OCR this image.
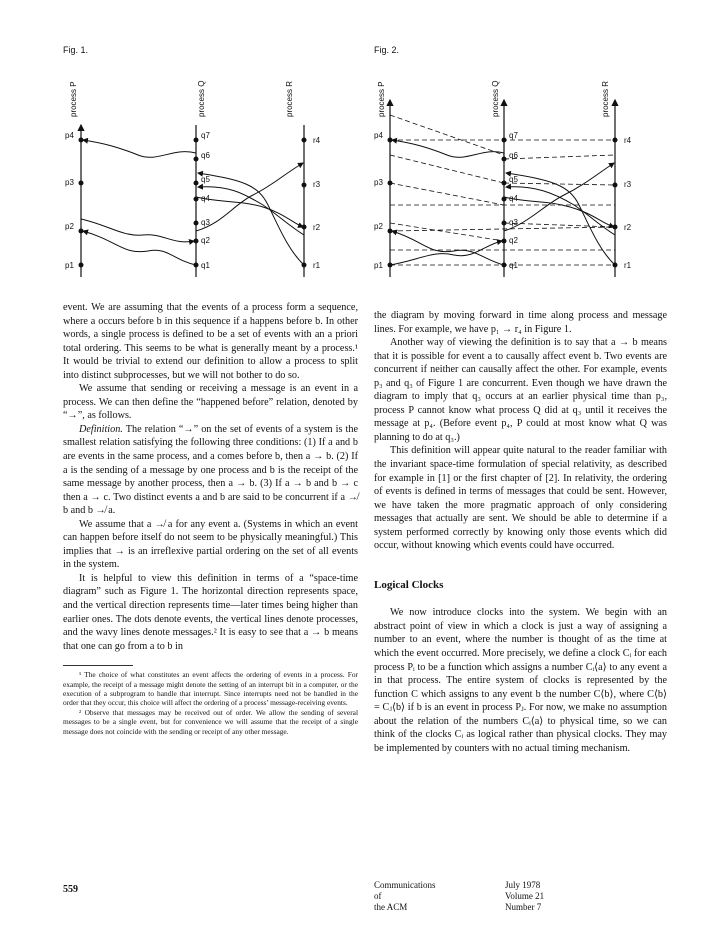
Fig. 1.
process P	process Q	process R
p4
p3
p2
p1
q7
q6
q5
q4
q3
q2
q1
r4
r3
r2
r1
Fig. 2.
process P	process Q	process R
p4
p3
p2
p1
q7
q6
q5
q4
q3
q2
q1
r4
r3
r2
r1

event. We are assuming that the events of a process form a sequence, where a occurs before b in this sequence if a happens before b. In other words, a single process is defined to be a set of events with an a priori total ordering. This seems to be what is generally meant by a process.¹ It would be trivial to extend our definition to allow a process to split into distinct subprocesses, but we will not bother to do so.

We assume that sending or receiving a message is an event in a process. We can then define the “happened before” relation, denoted by “→”, as follows.

Definition. The relation “→” on the set of events of a system is the smallest relation satisfying the following three conditions: (1) If a and b are events in the same process, and a comes before b, then a → b. (2) If a is the sending of a message by one process and b is the receipt of the same message by another process, then a → b. (3) If a → b and b → c then a → c. Two distinct events a and b are said to be concurrent if a ↛ b and b ↛ a.

We assume that a ↛ a for any event a. (Systems in which an event can happen before itself do not seem to be physically meaningful.) This implies that → is an irreflexive partial ordering on the set of all events in the system.

It is helpful to view this definition in terms of a “space-time diagram” such as Figure 1. The horizontal direction represents space, and the vertical direction represents time—later times being higher than earlier ones. The dots denote events, the vertical lines denote processes, and the wavy lines denote messages.² It is easy to see that a → b means that one can go from a to b in

¹ The choice of what constitutes an event affects the ordering of events in a process. For example, the receipt of a message might denote the setting of an interrupt bit in a computer, or the execution of a subprogram to handle that interrupt. Since interrupts need not be handled in the order that they occur, this choice will affect the ordering of a process’ message-receiving events.

² Observe that messages may be received out of order. We allow the sending of several messages to be a single event, but for convenience we will assume that the receipt of a single message does not coincide with the sending or receipt of any other message.

the diagram by moving forward in time along process and message lines. For example, we have p₁ → r₄ in Figure 1.

Another way of viewing the definition is to say that a → b means that it is possible for event a to causally affect event b. Two events are concurrent if neither can causally affect the other. For example, events p₃ and q₃ of Figure 1 are concurrent. Even though we have drawn the diagram to imply that q₃ occurs at an earlier physical time than p₃, process P cannot know what process Q did at q₃ until it receives the message at p₄. (Before event p₄, P could at most know what Q was planning to do at q₃.)

This definition will appear quite natural to the reader familiar with the invariant space-time formulation of special relativity, as described for example in [1] or the first chapter of [2]. In relativity, the ordering of events is defined in terms of messages that could be sent. However, we have taken the more pragmatic approach of only considering messages that actually are sent. We should be able to determine if a system performed correctly by knowing only those events which did occur, without knowing which events could have occurred.

Logical Clocks

We now introduce clocks into the system. We begin with an abstract point of view in which a clock is just a way of assigning a number to an event, where the number is thought of as the time at which the event occurred. More precisely, we define a clock Cᵢ for each process Pᵢ to be a function which assigns a number Cᵢ⟨a⟩ to any event a in that process. The entire system of clocks is represented by the function C which assigns to any event b the number C⟨b⟩, where C⟨b⟩ = Cⱼ⟨b⟩ if b is an event in process Pⱼ. For now, we make no assumption about the relation of the numbers Cᵢ⟨a⟩ to physical time, so we can think of the clocks Cᵢ as logical rather than physical clocks. They may be implemented by counters with no actual timing mechanism.

559	Communications
of
the ACM
July 1978
Volume 21
Number 7
